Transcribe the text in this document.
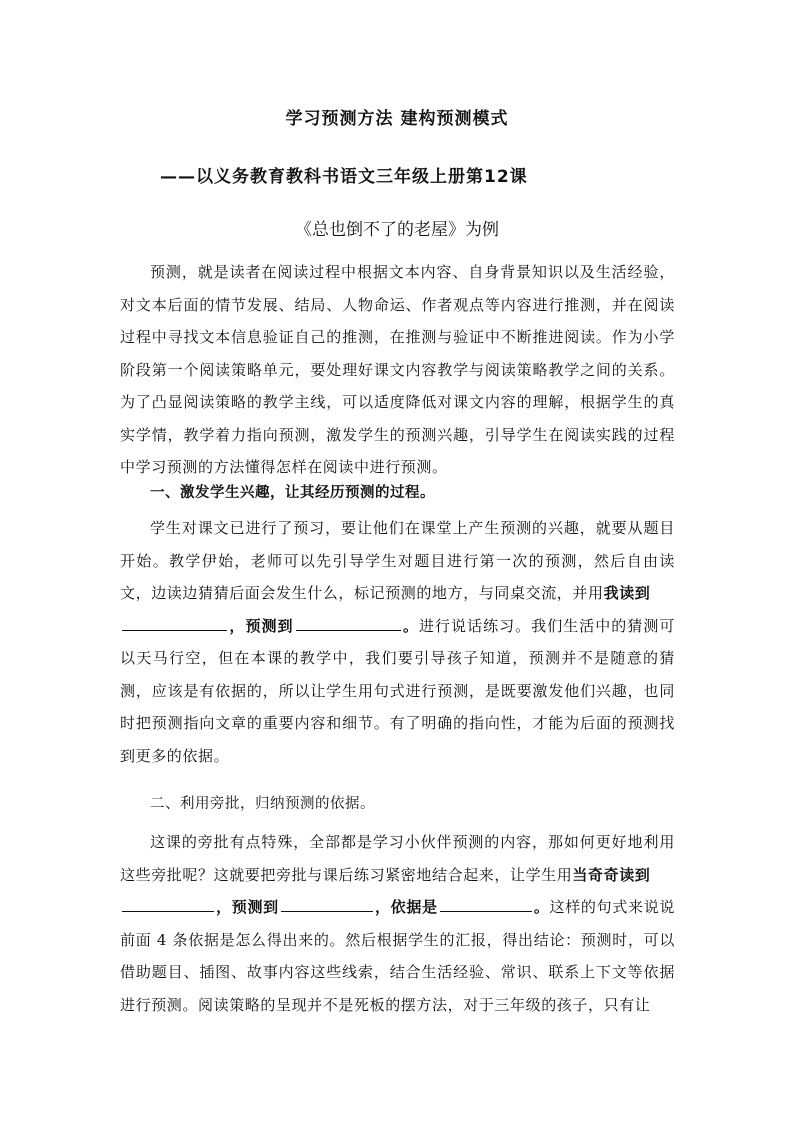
学习预测方法 建构预测模式
——以义务教育教科书语文三年级上册第12课
《总也倒不了的老屋》为例

预测，就是读者在阅读过程中根据文本内容、自身背景知识以及生活经验，对文本后面的情节发展、结局、人物命运、作者观点等内容进行推测，并在阅读过程中寻找文本信息验证自己的推测，在推测与验证中不断推进阅读。作为小学阶段第一个阅读策略单元，要处理好课文内容教学与阅读策略教学之间的关系。为了凸显阅读策略的教学主线，可以适度降低对课文内容的理解，根据学生的真实学情，教学着力指向预测，激发学生的预测兴趣，引导学生在阅读实践的过程中学习预测的方法懂得怎样在阅读中进行预测。

一、激发学生兴趣，让其经历预测的过程。

学生对课文已进行了预习，要让他们在课堂上产生预测的兴趣，就要从题目开始。教学伊始，老师可以先引导学生对题目进行第一次的预测，然后自由读文，边读边猜猜后面会发生什么，标记预测的地方，与同桌交流，并用我读到
，预测到	。进行说话练习。我们生活中的猜测可以天马行空，但在本课的教学中，我们要引导孩子知道，预测并不是随意的猜测，应该是有依据的，所以让学生用句式进行预测，是既要激发他们兴趣，也同时把预测指向文章的重要内容和细节。有了明确的指向性，才能为后面的预测找到更多的依据。

二、利用旁批，归纳预测的依据。

这课的旁批有点特殊，全部都是学习小伙伴预测的内容，那如何更好地利用这些旁批呢？这就要把旁批与课后练习紧密地结合起来，让学生用当奇奇读到
，预测到	，依据是	。这样的句式来说说前面 4 条依据是怎么得出来的。然后根据学生的汇报，得出结论：预测时，可以借助题目、插图、故事内容这些线索，结合生活经验、常识、联系上下文等依据进行预测。阅读策略的呈现并不是死板的摆方法，对于三年级的孩子，只有让
